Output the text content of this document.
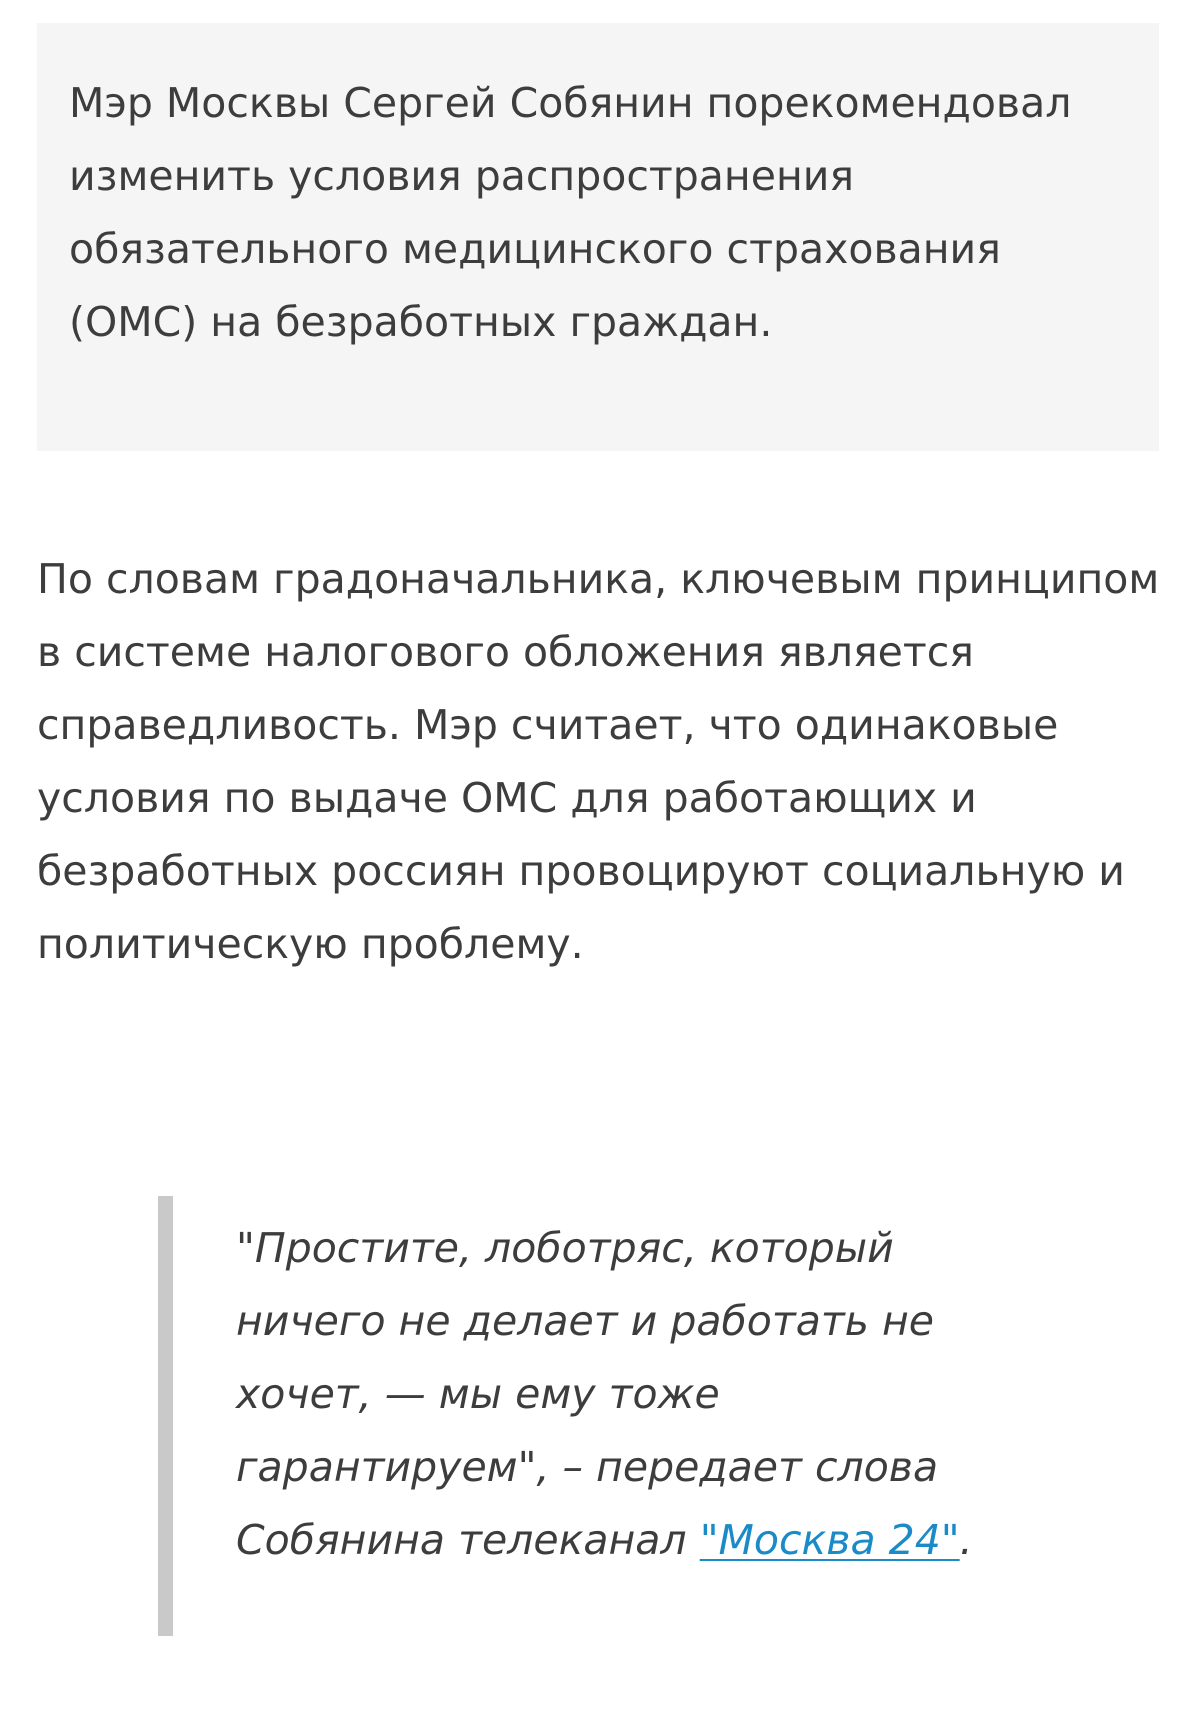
Мэр Москвы Сергей Собянин порекомендовал изменить условия распространения обязательного медицинского страхования (ОМС) на безработных граждан.

По словам градоначальника, ключевым принципом в системе налогового обложения является справедливость. Мэр считает, что одинаковые условия по выдаче ОМС для работающих и безработных россиян провоцируют социальную и политическую проблему.

"Простите, лоботряс, который ничего не делает и работать не хочет, — мы ему тоже гарантируем", – передает слова Собянина телеканал "Москва 24".
